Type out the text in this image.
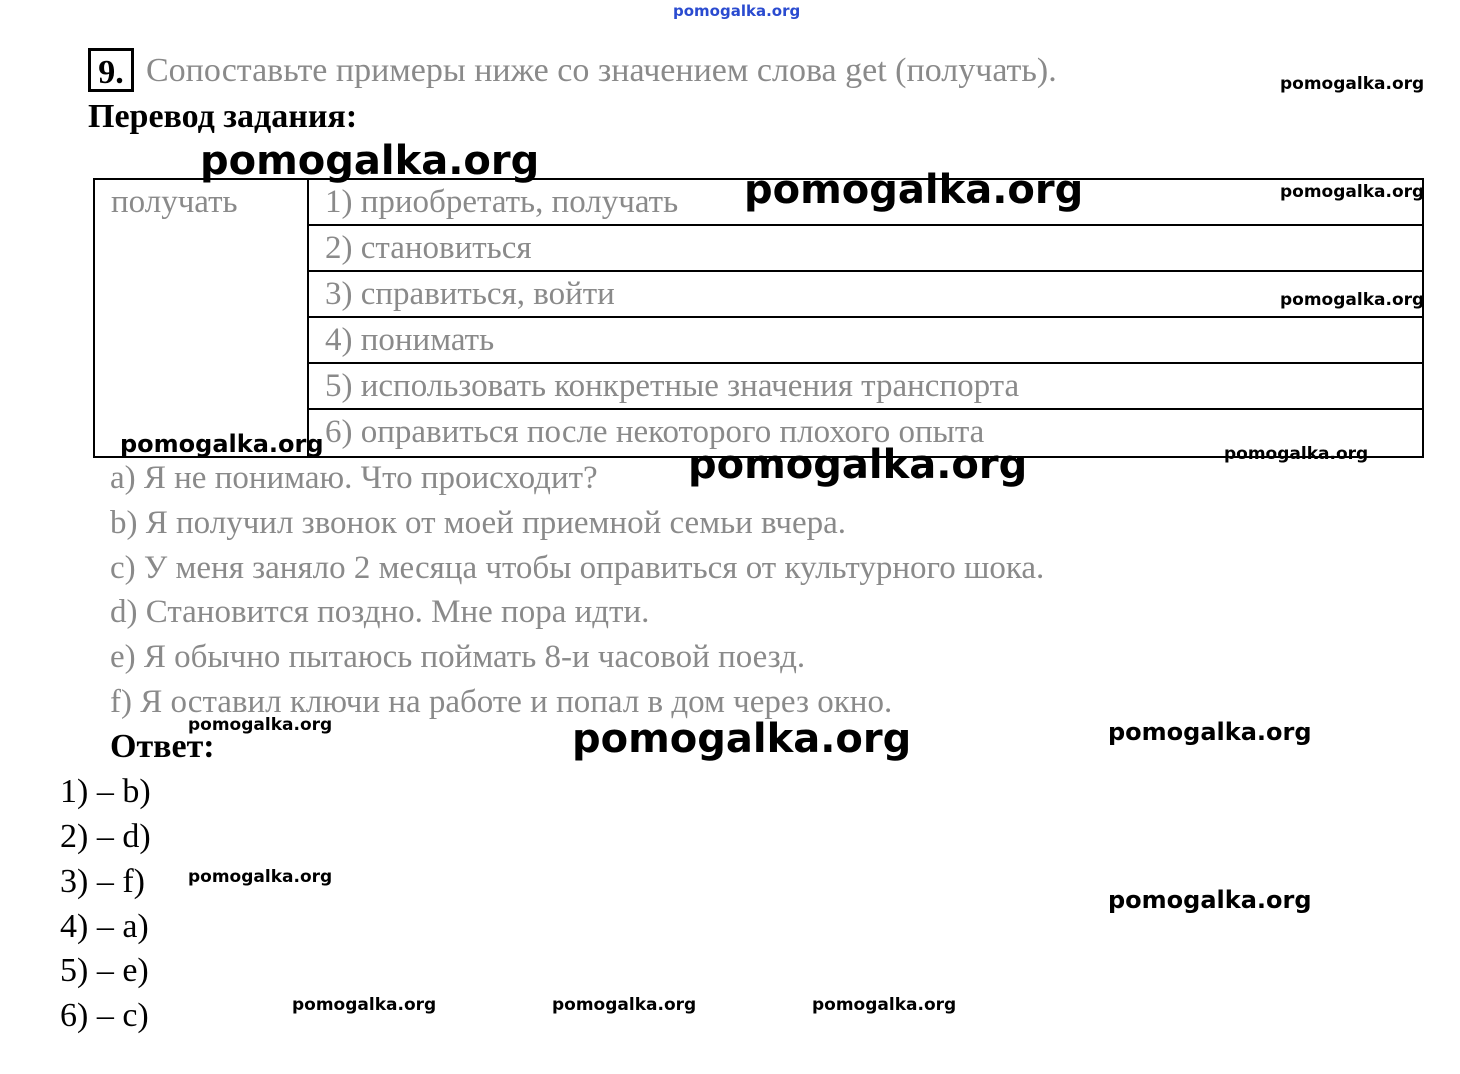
pomogalka.org
9. Сопоставьте примеры ниже со значением слова get (получать).
Перевод задания:
получать	1) приобретать, получать
2) становиться
3) справиться, войти
4) понимать
5) использовать конкретные значения транспорта
6) оправиться после некоторого плохого опыта
a) Я не понимаю. Что происходит?
b) Я получил звонок от моей приемной семьи вчера.
c) У меня заняло 2 месяца чтобы оправиться от культурного шока.
d) Становится поздно. Мне пора идти.
e) Я обычно пытаюсь поймать 8-и часовой поезд.
f) Я оставил ключи на работе и попал в дом через окно.
Ответ:
1) – b)
2) – d)
3) – f)
4) – a)
5) – e)
6) – c)
pomogalka.org
pomogalka.org
pomogalka.org	pomogalka.org
pomogalka.org
pomogalka.org	pomogalka.org	pomogalka.org
pomogalka.org	pomogalka.org	pomogalka.org
pomogalka.org
pomogalka.org
pomogalka.org	pomogalka.org	pomogalka.org
